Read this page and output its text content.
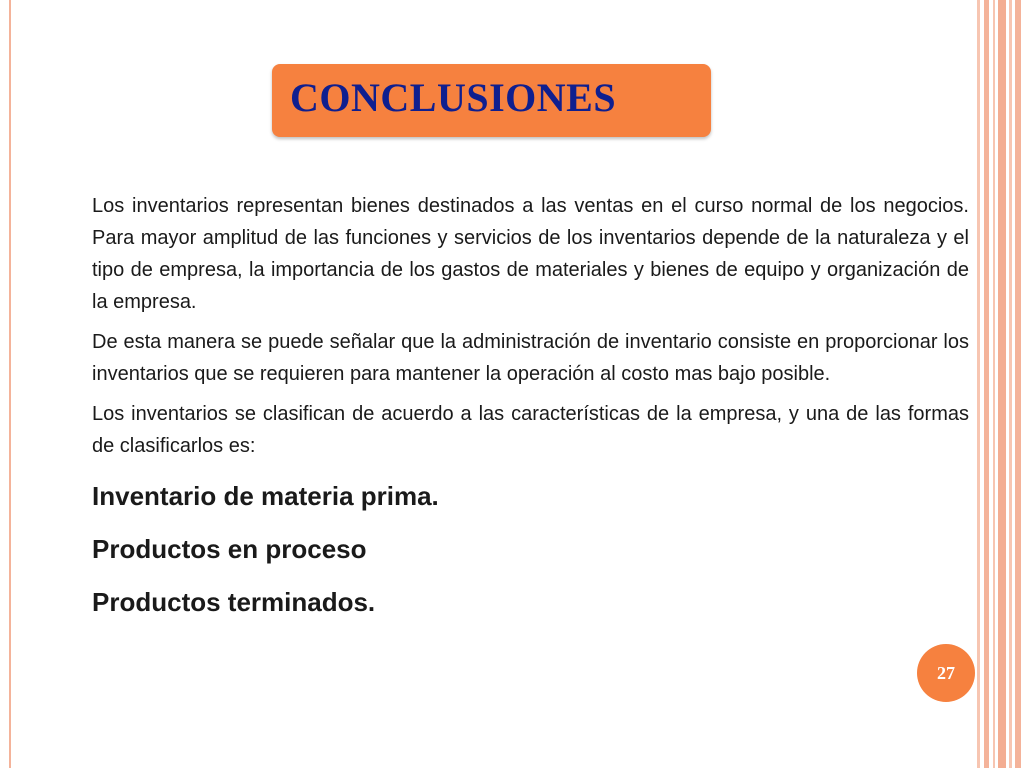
CONCLUSIONES

Los inventarios representan bienes destinados a las ventas en el curso normal de los negocios. Para mayor amplitud de las funciones y servicios de los inventarios depende de la naturaleza y el tipo de empresa, la importancia de los gastos de materiales y bienes de equipo y organización de la empresa.

De esta manera se puede señalar que la administración de inventario consiste en proporcionar los inventarios que se requieren para mantener la operación al costo mas bajo posible.

Los inventarios se clasifican de acuerdo a las características de la empresa, y una de las formas de clasificarlos es:

Inventario de materia prima.

Productos en proceso

Productos terminados.

27
